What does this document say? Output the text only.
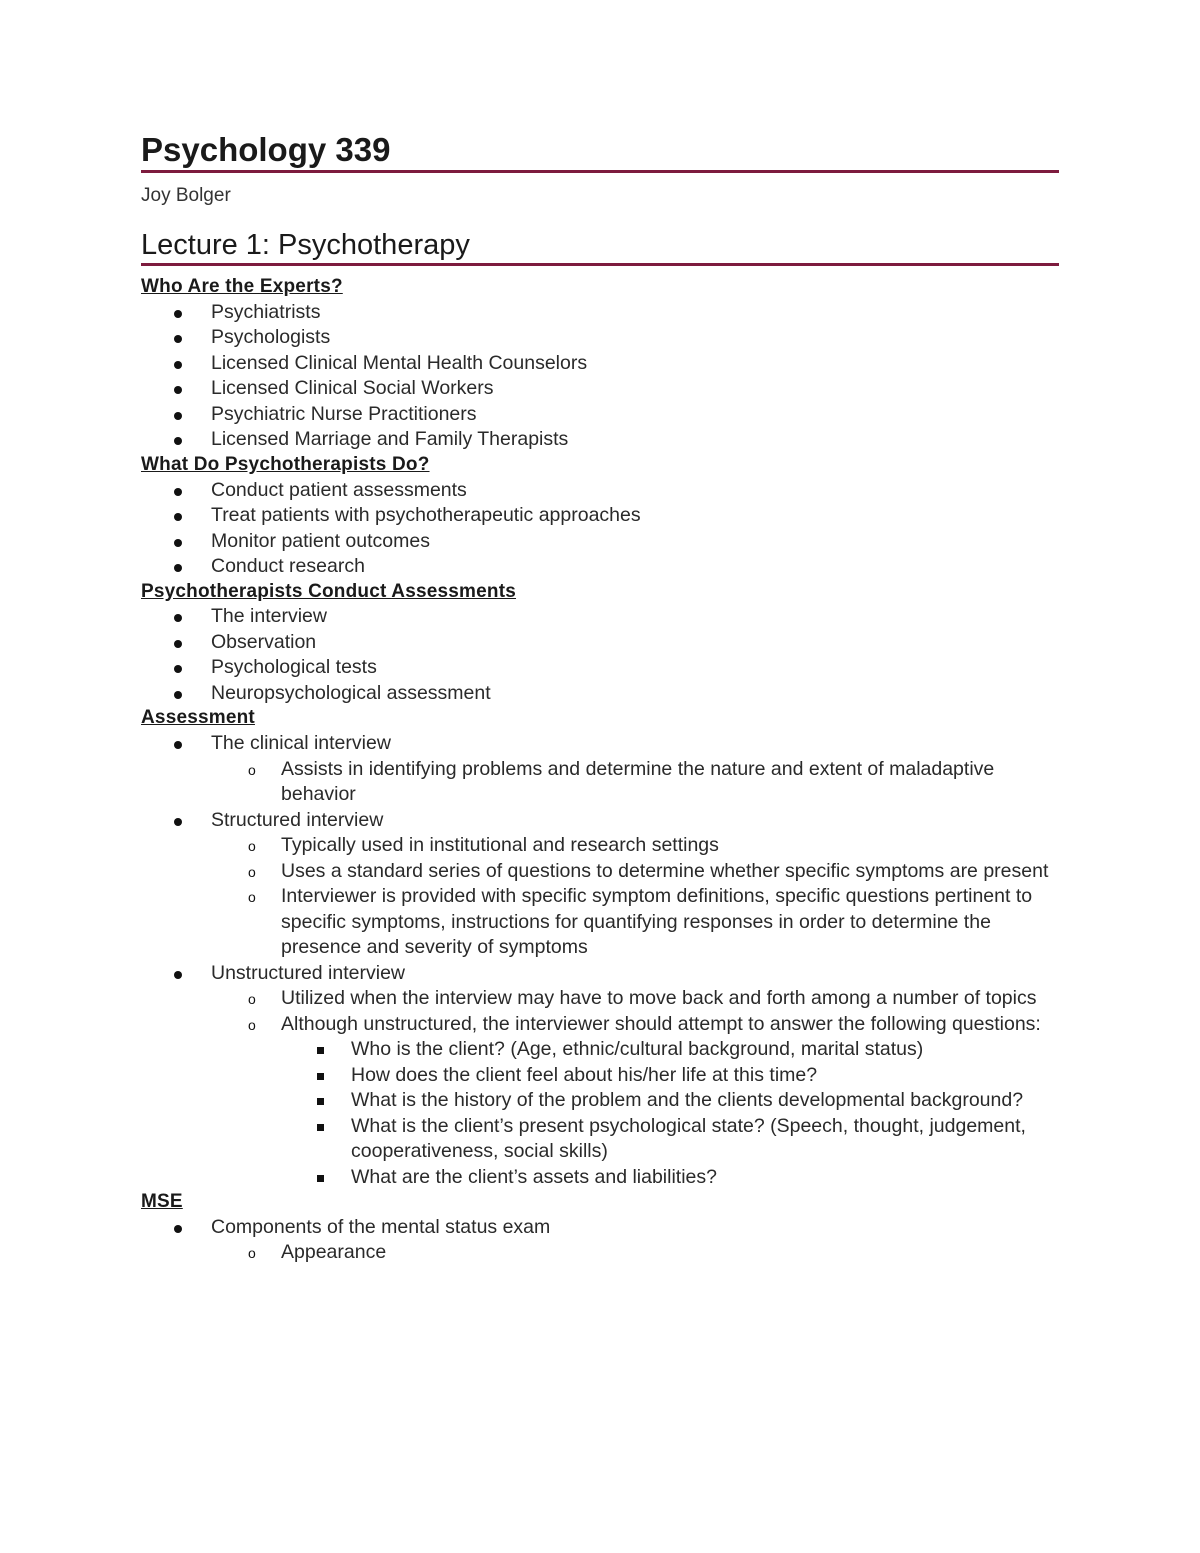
Psychology 339
Joy Bolger
Lecture 1: Psychotherapy
Who Are the Experts?
Psychiatrists
Psychologists
Licensed Clinical Mental Health Counselors
Licensed Clinical Social Workers
Psychiatric Nurse Practitioners
Licensed Marriage and Family Therapists
What Do Psychotherapists Do?
Conduct patient assessments
Treat patients with psychotherapeutic approaches
Monitor patient outcomes
Conduct research
Psychotherapists Conduct Assessments
The interview
Observation
Psychological tests
Neuropsychological assessment
Assessment
The clinical interview
o Assists in identifying problems and determine the nature and extent of maladaptive behavior
Structured interview
o Typically used in institutional and research settings
o Uses a standard series of questions to determine whether specific symptoms are present
o Interviewer is provided with specific symptom definitions, specific questions pertinent to specific symptoms, instructions for quantifying responses in order to determine the presence and severity of symptoms
Unstructured interview
o Utilized when the interview may have to move back and forth among a number of topics
o Although unstructured, the interviewer should attempt to answer the following questions:
Who is the client? (Age, ethnic/cultural background, marital status)
How does the client feel about his/her life at this time?
What is the history of the problem and the clients developmental background?
What is the client’s present psychological state? (Speech, thought, judgement, cooperativeness, social skills)
What are the client’s assets and liabilities?
MSE
Components of the mental status exam
o Appearance
